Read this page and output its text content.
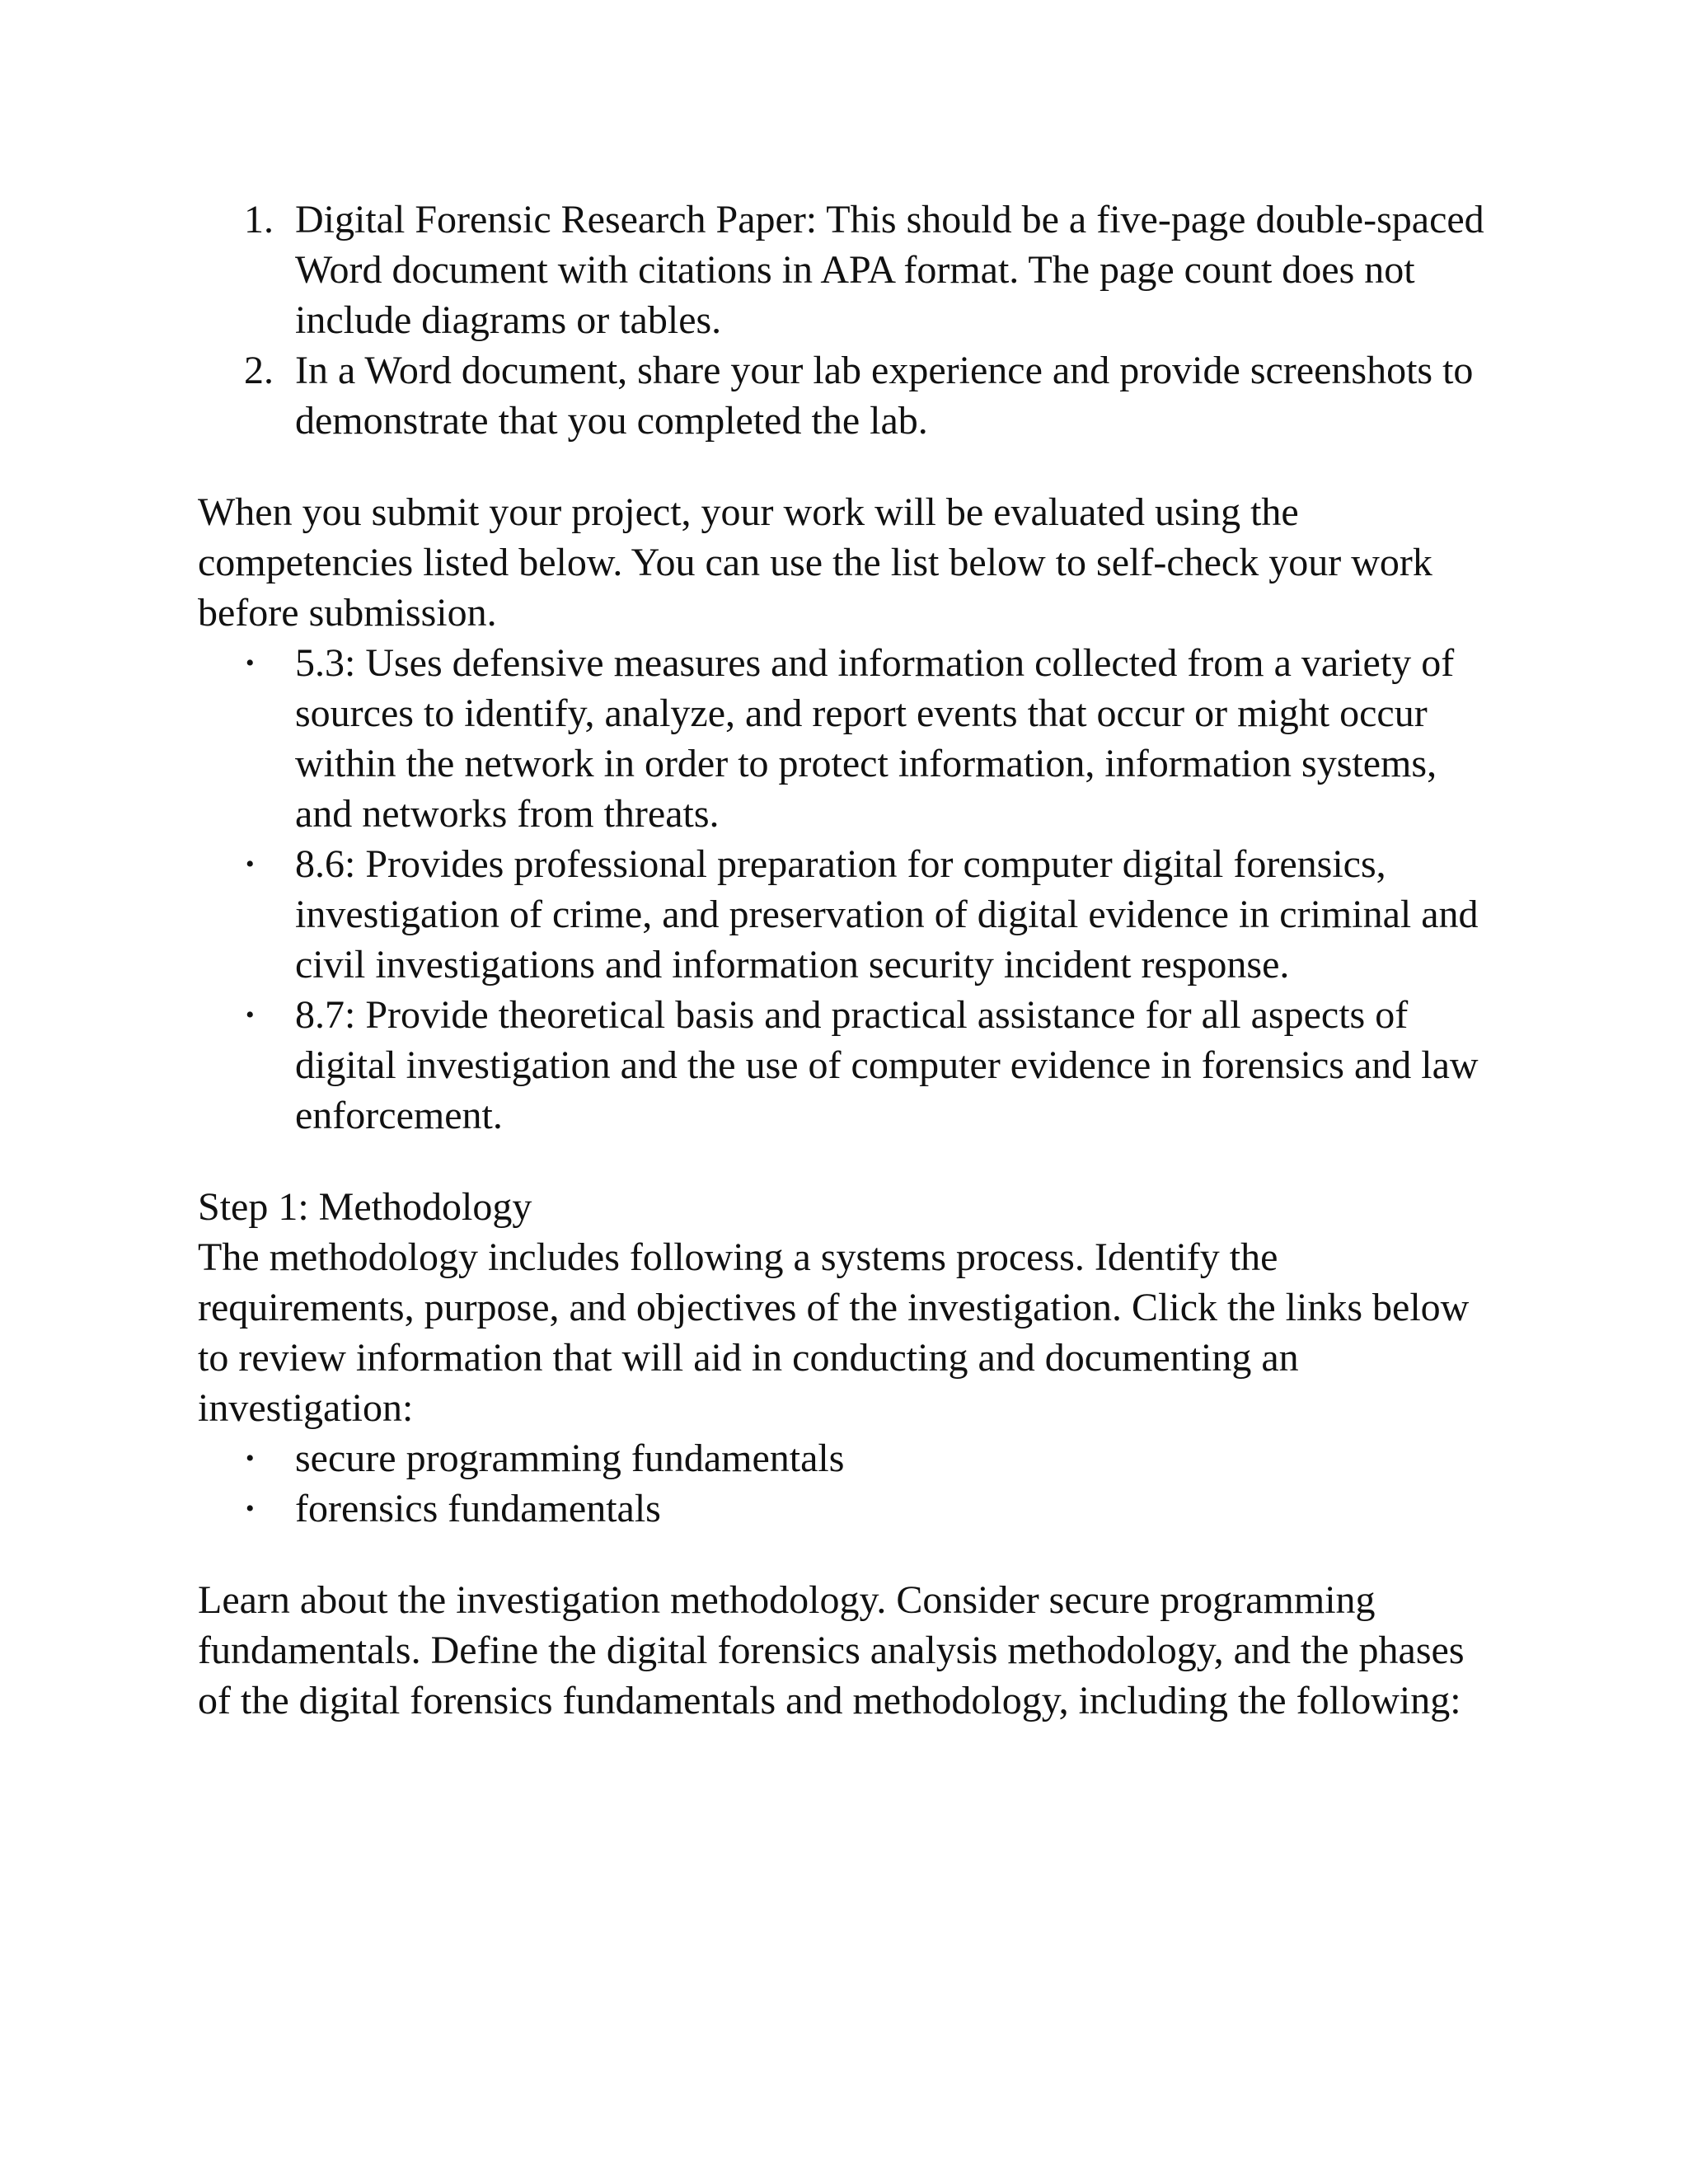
1. Digital Forensic Research Paper: This should be a five-page double-spaced Word document with citations in APA format. The page count does not include diagrams or tables.
2. In a Word document, share your lab experience and provide screenshots to demonstrate that you completed the lab.

When you submit your project, your work will be evaluated using the competencies listed below. You can use the list below to self-check your work before submission.

• 5.3: Uses defensive measures and information collected from a variety of sources to identify, analyze, and report events that occur or might occur within the network in order to protect information, information systems, and networks from threats.
• 8.6: Provides professional preparation for computer digital forensics, investigation of crime, and preservation of digital evidence in criminal and civil investigations and information security incident response.
• 8.7: Provide theoretical basis and practical assistance for all aspects of digital investigation and the use of computer evidence in forensics and law enforcement.

Step 1: Methodology

The methodology includes following a systems process. Identify the requirements, purpose, and objectives of the investigation. Click the links below to review information that will aid in conducting and documenting an investigation:

• secure programming fundamentals
• forensics fundamentals

Learn about the investigation methodology. Consider secure programming fundamentals. Define the digital forensics analysis methodology, and the phases of the digital forensics fundamentals and methodology, including the following:
